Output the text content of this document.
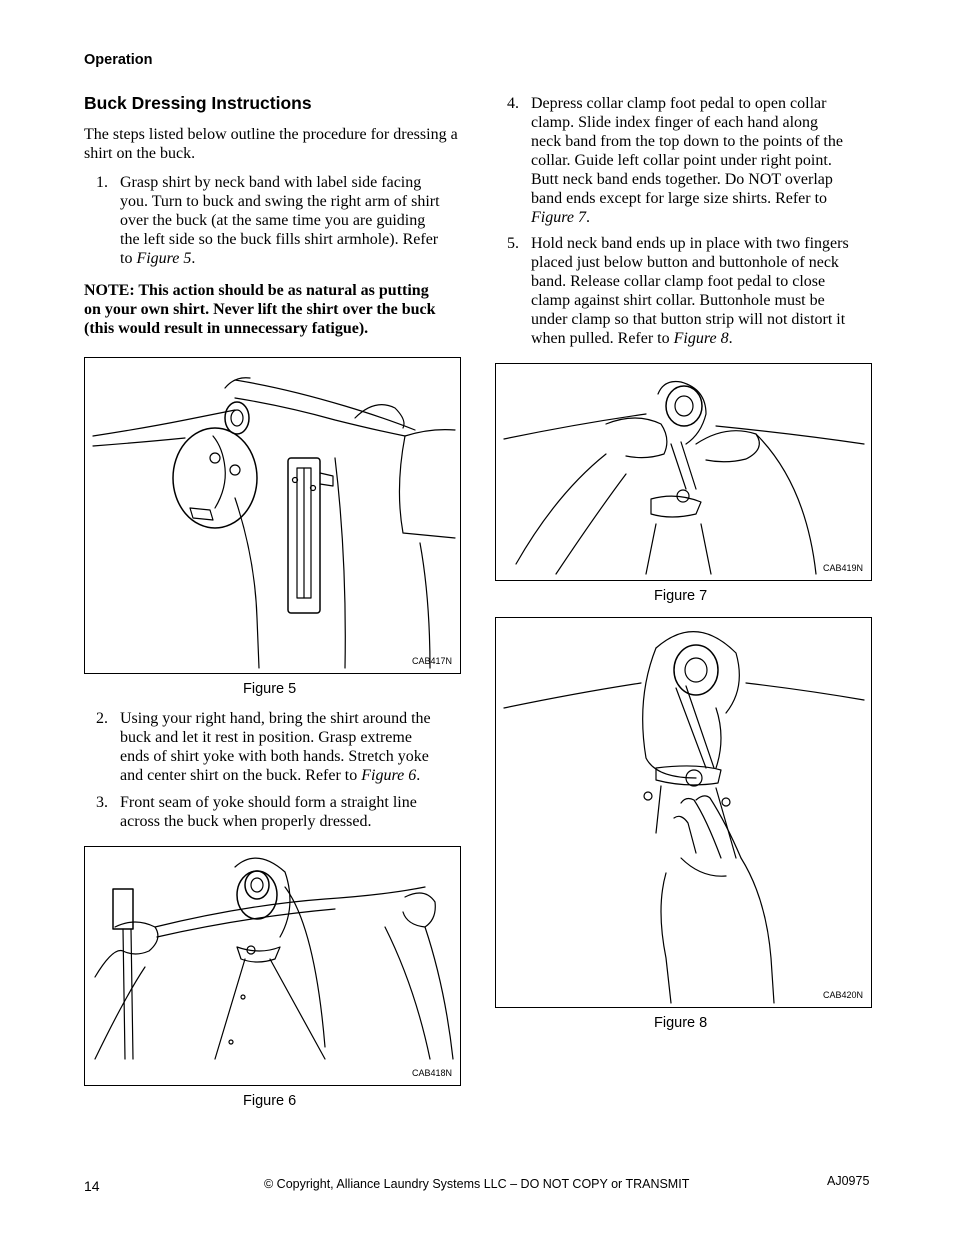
Operation
Buck Dressing Instructions
The steps listed below outline the procedure for dressing a shirt on the buck.
1. Grasp shirt by neck band with label side facing
you. Turn to buck and swing the right arm of shirt
over the buck (at the same time you are guiding
the left side so the buck fills shirt armhole). Refer
to Figure 5.
NOTE: This action should be as natural as putting
on your own shirt. Never lift the shirt over the buck
(this would result in unnecessary fatigue).
CAB417N
Figure 5
2. Using your right hand, bring the shirt around the
buck and let it rest in position. Grasp extreme
ends of shirt yoke with both hands. Stretch yoke
and center shirt on the buck. Refer to Figure 6.
3. Front seam of yoke should form a straight line
across the buck when properly dressed.
CAB418N
Figure 6
4. Depress collar clamp foot pedal to open collar
clamp. Slide index finger of each hand along
neck band from the top down to the points of the
collar. Guide left collar point under right point.
Butt neck band ends together. Do NOT overlap
band ends except for large size shirts. Refer to
Figure 7.
5. Hold neck band ends up in place with two fingers
placed just below button and buttonhole of neck
band. Release collar clamp foot pedal to close
clamp against shirt collar. Buttonhole must be
under clamp so that button strip will not distort it
when pulled. Refer to Figure 8.
CAB419N
Figure 7
CAB420N
Figure 8
14	© Copyright, Alliance Laundry Systems LLC – DO NOT COPY or TRANSMIT	AJ0975
